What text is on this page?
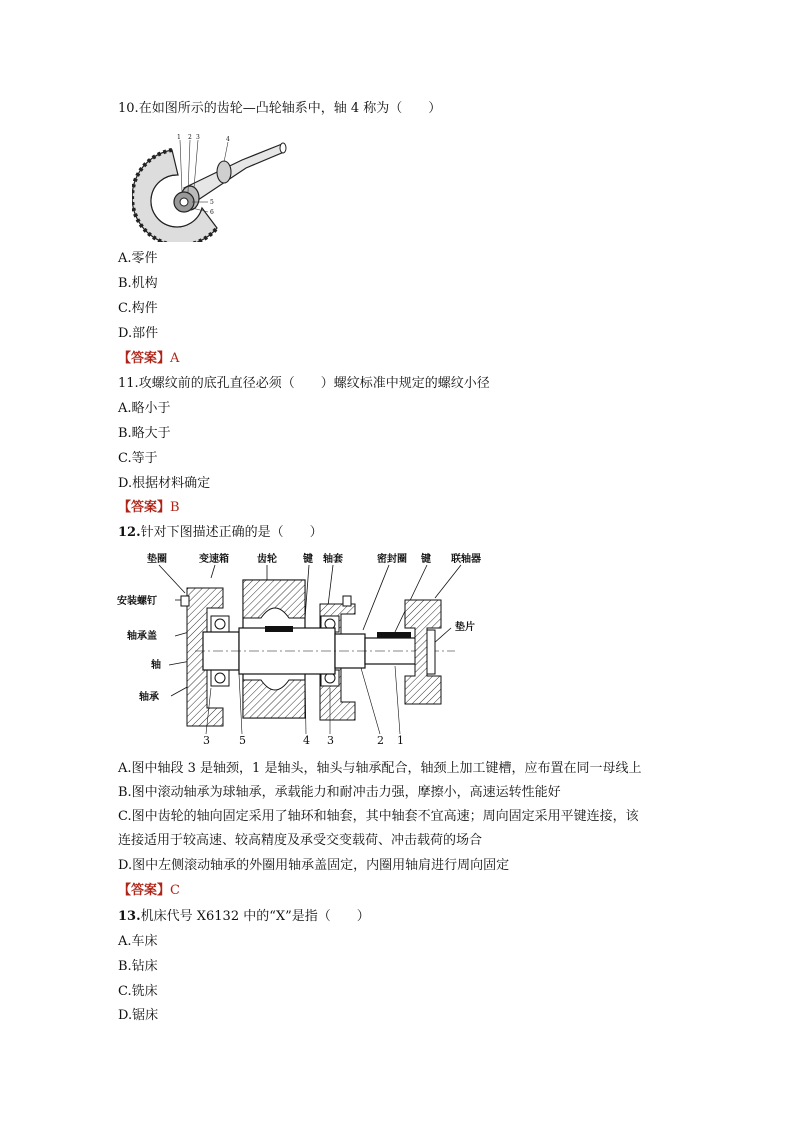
10.在如图所示的齿轮—凸轮轴系中，轴 4 称为（　　）
1 2 3	4
5
6
A.零件
B.机构
C.构件
D.部件
【答案】A
11.攻螺纹前的底孔直径必须（　　）螺纹标准中规定的螺纹小径
A.略小于
B.略大于
C.等于
D.根据材料确定
【答案】B
12.针对下图描述正确的是（　　）
垫圈	变速箱	齿轮	键 轴套	密封圈 键 联轴器
安装螺钉
轴承盖
轴
轴承
垫片
3	5	4 3	2 1
A.图中轴段 3 是轴颈，1 是轴头，轴头与轴承配合，轴颈上加工键槽，应布置在同一母线上
B.图中滚动轴承为球轴承，承载能力和耐冲击力强，摩擦小，高速运转性能好
C.图中齿轮的轴向固定采用了轴环和轴套，其中轴套不宜高速；周向固定采用平键连接，该
连接适用于较高速、较高精度及承受交变载荷、冲击载荷的场合
D.图中左侧滚动轴承的外圈用轴承盖固定，内圈用轴肩进行周向固定
【答案】C
13.机床代号 X6132 中的“X”是指（　　）
A.车床
B.钻床
C.铣床
D.锯床
